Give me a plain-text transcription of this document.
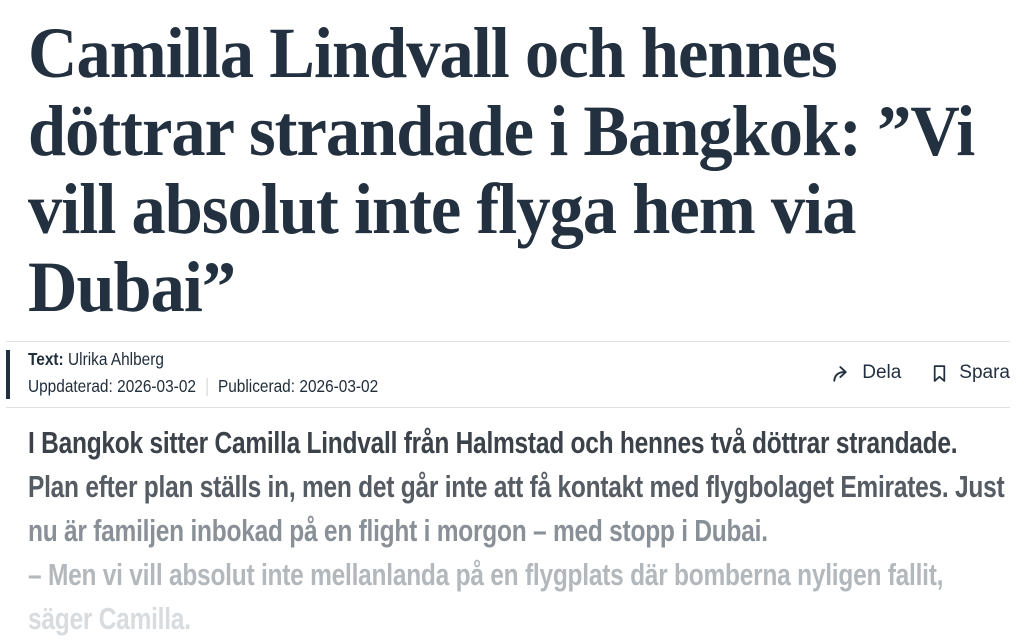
Camilla Lindvall och hennes
döttrar strandade i Bangkok: ”Vi
vill absolut inte flyga hem via
Dubai”
Text: Ulrika Ahlberg
Uppdaterad: 2026-03-02 Publicerad: 2026-03-02
Dela	Spara

I Bangkok sitter Camilla Lindvall från Halmstad och hennes två döttrar strandade.
Plan efter plan ställs in, men det går inte att få kontakt med flygbolaget Emirates. Just
nu är familjen inbokad på en flight i morgon – med stopp i Dubai.

– Men vi vill absolut inte mellanlanda på en flygplats där bomberna nyligen fallit,
säger Camilla.
